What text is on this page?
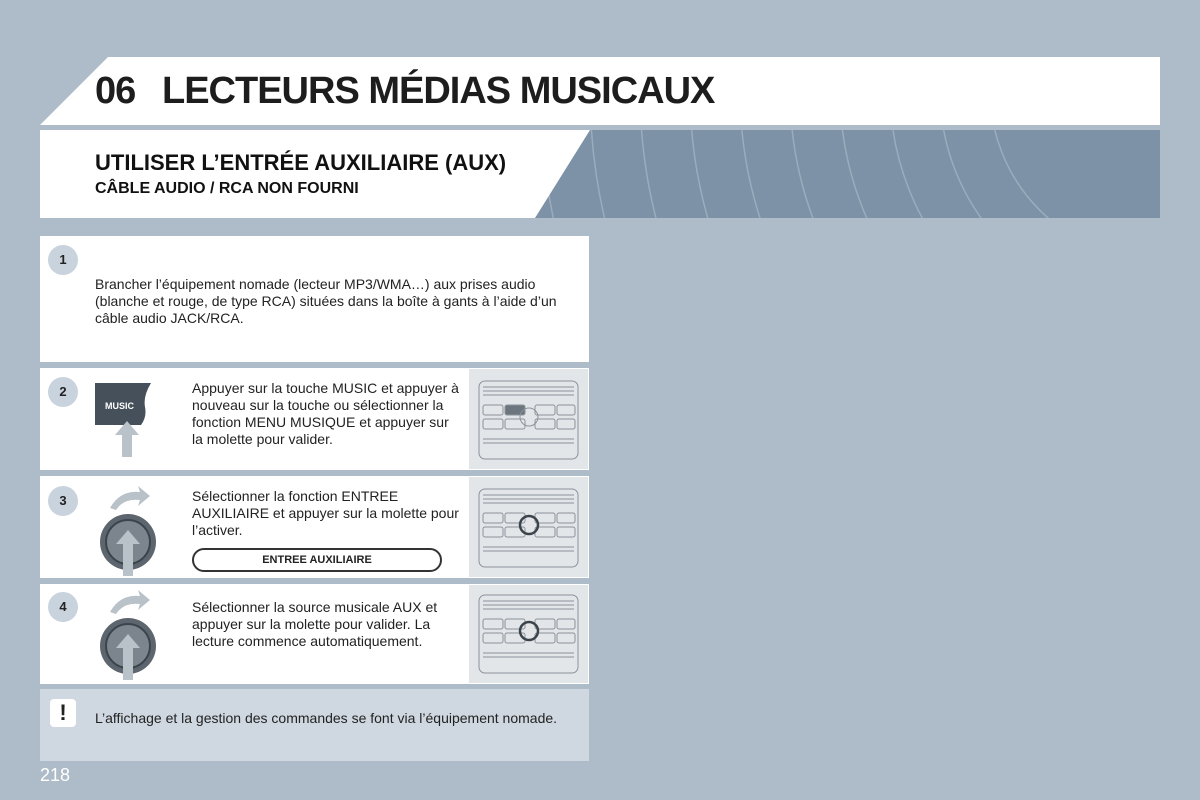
06 LECTEURS MÉDIAS MUSICAUX
UTILISER L’ENTRÉE AUXILIAIRE (AUX)
CÂBLE AUDIO / RCA NON FOURNI
1
Brancher l’équipement nomade (lecteur MP3/WMA…) aux prises audio (blanche et rouge, de type RCA) situées dans la boîte à gants à l’aide d’un câble audio JACK/RCA.
2
MUSIC
Appuyer sur la touche MUSIC et appuyer à nouveau sur la touche ou sélectionner la fonction MENU MUSIQUE et appuyer sur la molette pour valider.
3	Sélectionner la fonction ENTREE AUXILIAIRE et appuyer sur la molette pour l’activer.
ENTREE AUXILIAIRE
4	Sélectionner la source musicale AUX et appuyer sur la molette pour valider. La lecture commence automatiquement.
!	L’affichage et la gestion des commandes se font via l’équipement nomade.
218
